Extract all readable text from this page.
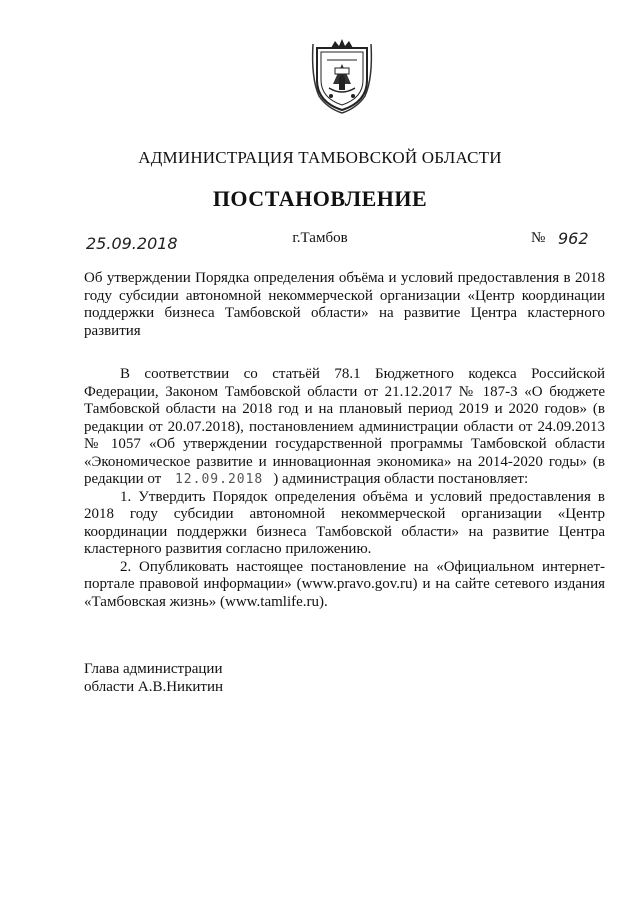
АДМИНИСТРАЦИЯ ТАМБОВСКОЙ ОБЛАСТИ
ПОСТАНОВЛЕНИЕ
25.09.2018	г.Тамбов	№ 962
Об утверждении Порядка определения объёма и условий предоставления в 2018 году субсидии автономной некоммерческой организации «Центр координации поддержки бизнеса Тамбовской области» на развитие Центра кластерного развития

В соответствии со статьёй 78.1 Бюджетного кодекса Российской Федерации, Законом Тамбовской области от 21.12.2017 № 187-З «О бюджете Тамбовской области на 2018 год и на плановый период 2019 и 2020 годов» (в редакции от 20.07.2018), постановлением администрации области от 24.09.2013 № 1057 «Об утверждении государственной программы Тамбовской области «Экономическое развитие и инновационная экономика» на 2014-2020 годы» (в редакции от 12.09.2018 ) администрация области постановляет:

1. Утвердить Порядок определения объёма и условий предоставления в 2018 году субсидии автономной некоммерческой организации «Центр координации поддержки бизнеса Тамбовской области» на развитие Центра кластерного развития согласно приложению.

2. Опубликовать настоящее постановление на «Официальном интернет-портале правовой информации» (www.pravo.gov.ru) и на сайте сетевого издания «Тамбовская жизнь» (www.tamlife.ru).

Глава администрации
области А.В.Никитин
